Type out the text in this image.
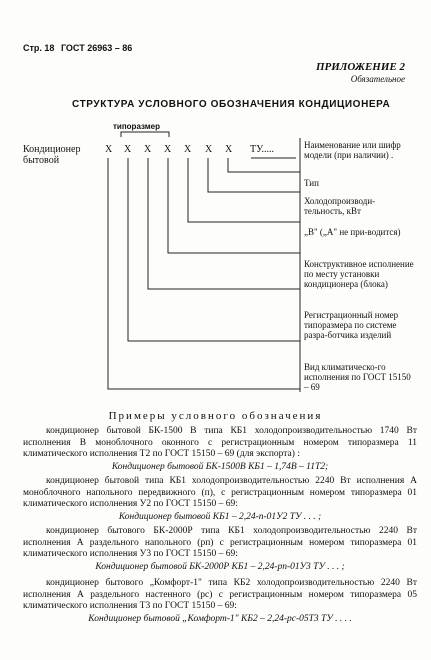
Стр. 18 ГОСТ 26963 – 86
ПРИЛОЖЕНИЕ 2
Обязательное
СТРУКТУРА УСЛОВНОГО ОБОЗНАЧЕНИЯ КОНДИЦИОНЕРА
типоразмер
Кондиционер
бытовой
Х Х Х Х Х Х Х ТУ.....	Наименование или шифр модели (при наличии) .
Тип
Холодопроизводи-тельность, кВт
„В" („А" не при-водится)
Конструктивное исполнение по месту установки кондиционера (блока)
Регистрационный номер типоразмера по системе разра-ботчика изделий
Вид климатическо-го исполнения по ГОСТ 15150 – 69
Примеры условного обозначения
кондиционер бытовой БК-1500 В типа КБ1 холодопроизводительностью 1740 Вт исполнения В моноблочного оконного с регистрационным номером типоразмера 11 климатического исполнения Т2 по ГОСТ 15150 – 69 (для экспорта) :
Кондиционер бытовой БК-1500В КБ1 – 1,74В – 11Т2;
кондиционер бытовой типа КБ1 холодопроизводительностью 2240 Вт исполнения А моноблочного напольного передвижного (п), с регистрационным номером типоразмера 01 климатического исполнения У2 по ГОСТ 15150 – 69:
Кондиционер бытовой КБ1 – 2,24-п-01У2 ТУ . . . ;
кондиционер бытового БК-2000Р типа КБ1 холодопроизводительностью 2240 Вт исполнения А раздельного напольного (рп) с регистрационным номером типоразмера 01 климатического исполнения У3 по ГОСТ 15150 – 69:
Кондиционер бытовой БК-2000Р КБ1 – 2,24-рп-01У3 ТУ . . . ;
кондиционер бытового „Комфорт-1" типа КБ2 холодопроизводительностью 2240 Вт исполнения А раздельного настенного (рс) с регистрационным номером типоразмера 05 климатического исполнения Т3 по ГОСТ 15150 – 69:
Кондиционер бытовой „Комфорт-1" КБ2 – 2,24-рс-05Т3 ТУ . . . .
